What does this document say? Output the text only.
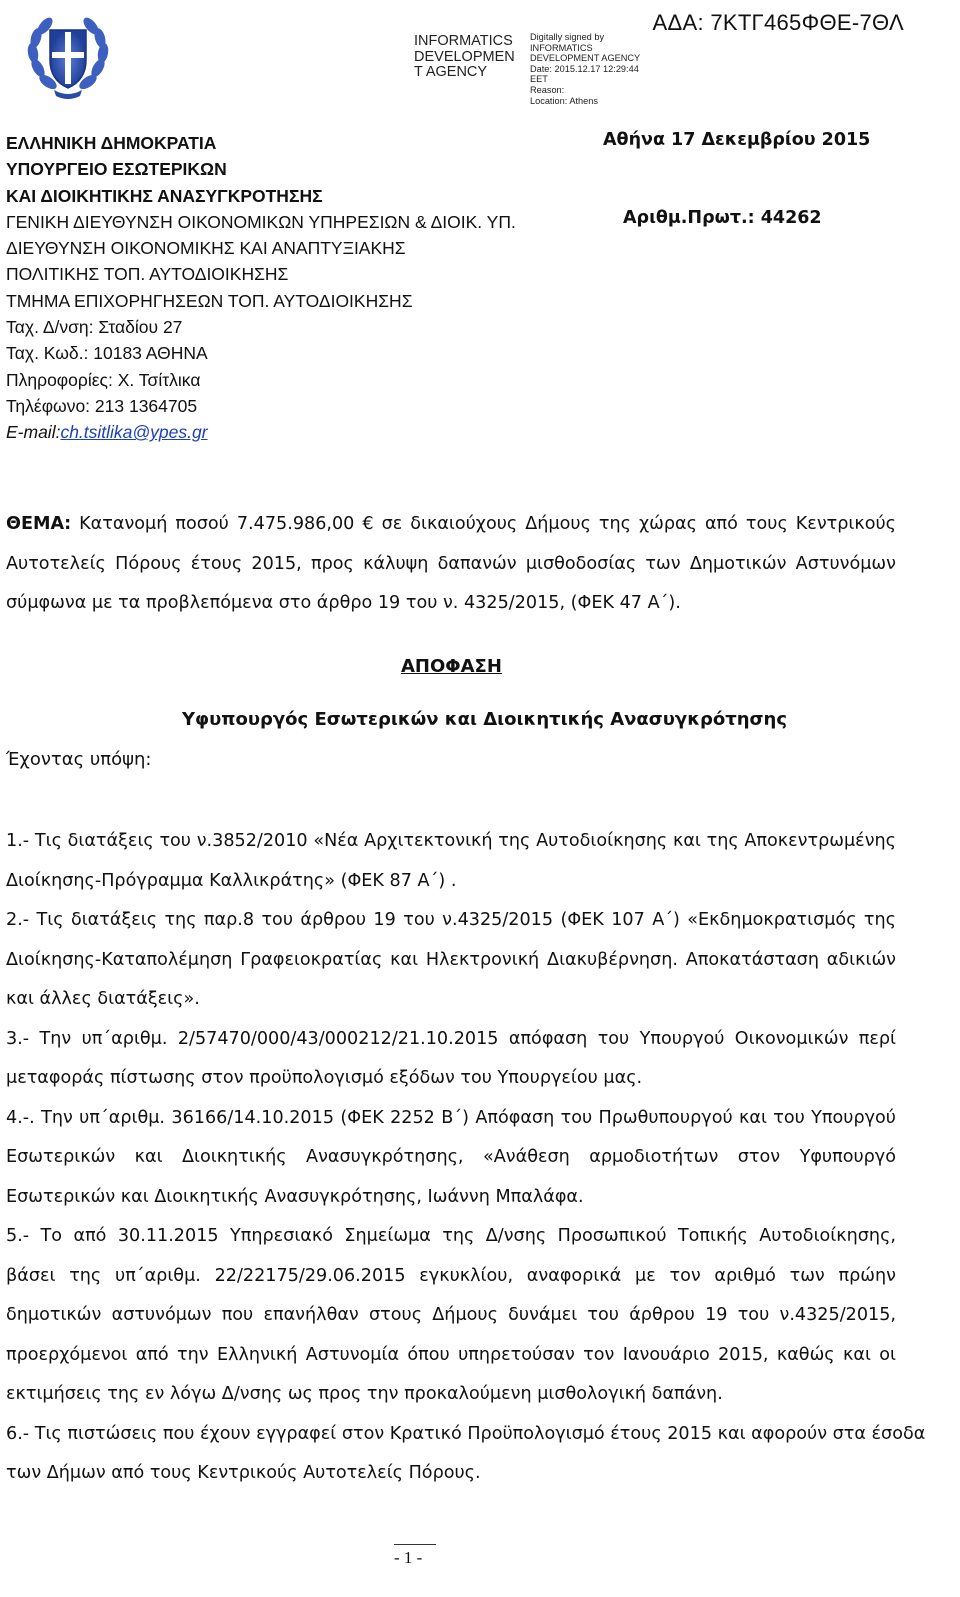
INFORMATICS
DEVELOPMEN
T AGENCY
Digitally signed by
INFORMATICS
DEVELOPMENT AGENCY
Date: 2015.12.17 12:29:44
EET
Reason:
Location: Athens
ΑΔΑ: 7ΚΤΓ465ΦΘΕ-7ΘΛ
ΕΛΛΗΝΙΚΗ ΔΗΜΟΚΡΑΤΙΑ
ΥΠΟΥΡΓΕΙΟ ΕΣΩΤΕΡΙΚΩΝ
ΚΑΙ ΔΙΟΙΚΗΤΙΚΗΣ ΑΝΑΣΥΓΚΡΟΤΗΣΗΣ
ΓΕΝΙΚΗ ΔΙΕΥΘΥΝΣΗ ΟΙΚΟΝΟΜΙΚΩΝ ΥΠΗΡΕΣΙΩΝ & ΔΙΟΙΚ. ΥΠ.
ΔΙΕΥΘΥΝΣΗ ΟΙΚΟΝΟΜΙΚΗΣ ΚΑΙ ΑΝΑΠΤΥΞΙΑΚΗΣ
ΠΟΛΙΤΙΚΗΣ ΤΟΠ. ΑΥΤΟΔΙΟΙΚΗΣΗΣ
ΤΜΗΜΑ ΕΠΙΧΟΡΗΓΗΣΕΩΝ ΤΟΠ. ΑΥΤΟΔΙΟΙΚΗΣΗΣ
Ταχ. Δ/νση: Σταδίου 27
Ταχ. Κωδ.: 10183 ΑΘΗΝΑ
Πληροφορίες: Χ. Τσίτλικα
Τηλέφωνο: 213 1364705
E-mail:ch.tsitlika@ypes.gr
Αθήνα 17 Δεκεμβρίου 2015
Αριθμ.Πρωτ.: 44262
ΘΕΜΑ: Κατανομή ποσού 7.475.986,00 € σε δικαιούχους Δήμους της χώρας από τους Κεντρικούς
Αυτοτελείς Πόρους έτους 2015, προς κάλυψη δαπανών μισθοδοσίας των Δημοτικών Αστυνόμων
σύμφωνα με τα προβλεπόμενα στο άρθρο 19 του ν. 4325/2015, (ΦΕΚ 47 Α΄).
ΑΠΟΦΑΣΗ
Υφυπουργός Εσωτερικών και Διοικητικής Ανασυγκρότησης
Έχοντας υπόψη:
1.- Τις διατάξεις του ν.3852/2010 «Νέα Αρχιτεκτονική της Αυτοδιοίκησης και της Αποκεντρωμένης
Διοίκησης-Πρόγραμμα Καλλικράτης» (ΦΕΚ 87 Α΄) .
2.- Τις διατάξεις της παρ.8 του άρθρου 19 του ν.4325/2015 (ΦΕΚ 107 Α΄) «Εκδημοκρατισμός της
Διοίκησης-Καταπολέμηση Γραφειοκρατίας και Ηλεκτρονική Διακυβέρνηση. Αποκατάσταση αδικιών
και άλλες διατάξεις».
3.- Την υπ΄αριθμ. 2/57470/000/43/000212/21.10.2015 απόφαση του Υπουργού Οικονομικών περί
μεταφοράς πίστωσης στον προϋπολογισμό εξόδων του Υπουργείου μας.
4.-. Την υπ΄αριθμ. 36166/14.10.2015 (ΦΕΚ 2252 Β΄) Απόφαση του Πρωθυπουργού και του Υπουργού
Εσωτερικών και Διοικητικής Ανασυγκρότησης, «Ανάθεση αρμοδιοτήτων στον Υφυπουργό
Εσωτερικών και Διοικητικής Ανασυγκρότησης, Ιωάννη Μπαλάφα.
5.- Το από 30.11.2015 Υπηρεσιακό Σημείωμα της Δ/νσης Προσωπικού Τοπικής Αυτοδιοίκησης,
βάσει της υπ΄αριθμ. 22/22175/29.06.2015 εγκυκλίου, αναφορικά με τον αριθμό των πρώην
δημοτικών αστυνόμων που επανήλθαν στους Δήμους δυνάμει του άρθρου 19 του ν.4325/2015,
προερχόμενοι από την Ελληνική Αστυνομία όπου υπηρετούσαν τον Ιανουάριο 2015, καθώς και οι
εκτιμήσεις της εν λόγω Δ/νσης ως προς την προκαλούμενη μισθολογική δαπάνη.
6.- Τις πιστώσεις που έχουν εγγραφεί στον Κρατικό Προϋπολογισμό έτους 2015 και αφορούν στα έσοδα
των Δήμων από τους Κεντρικούς Αυτοτελείς Πόρους.
- 1 -
